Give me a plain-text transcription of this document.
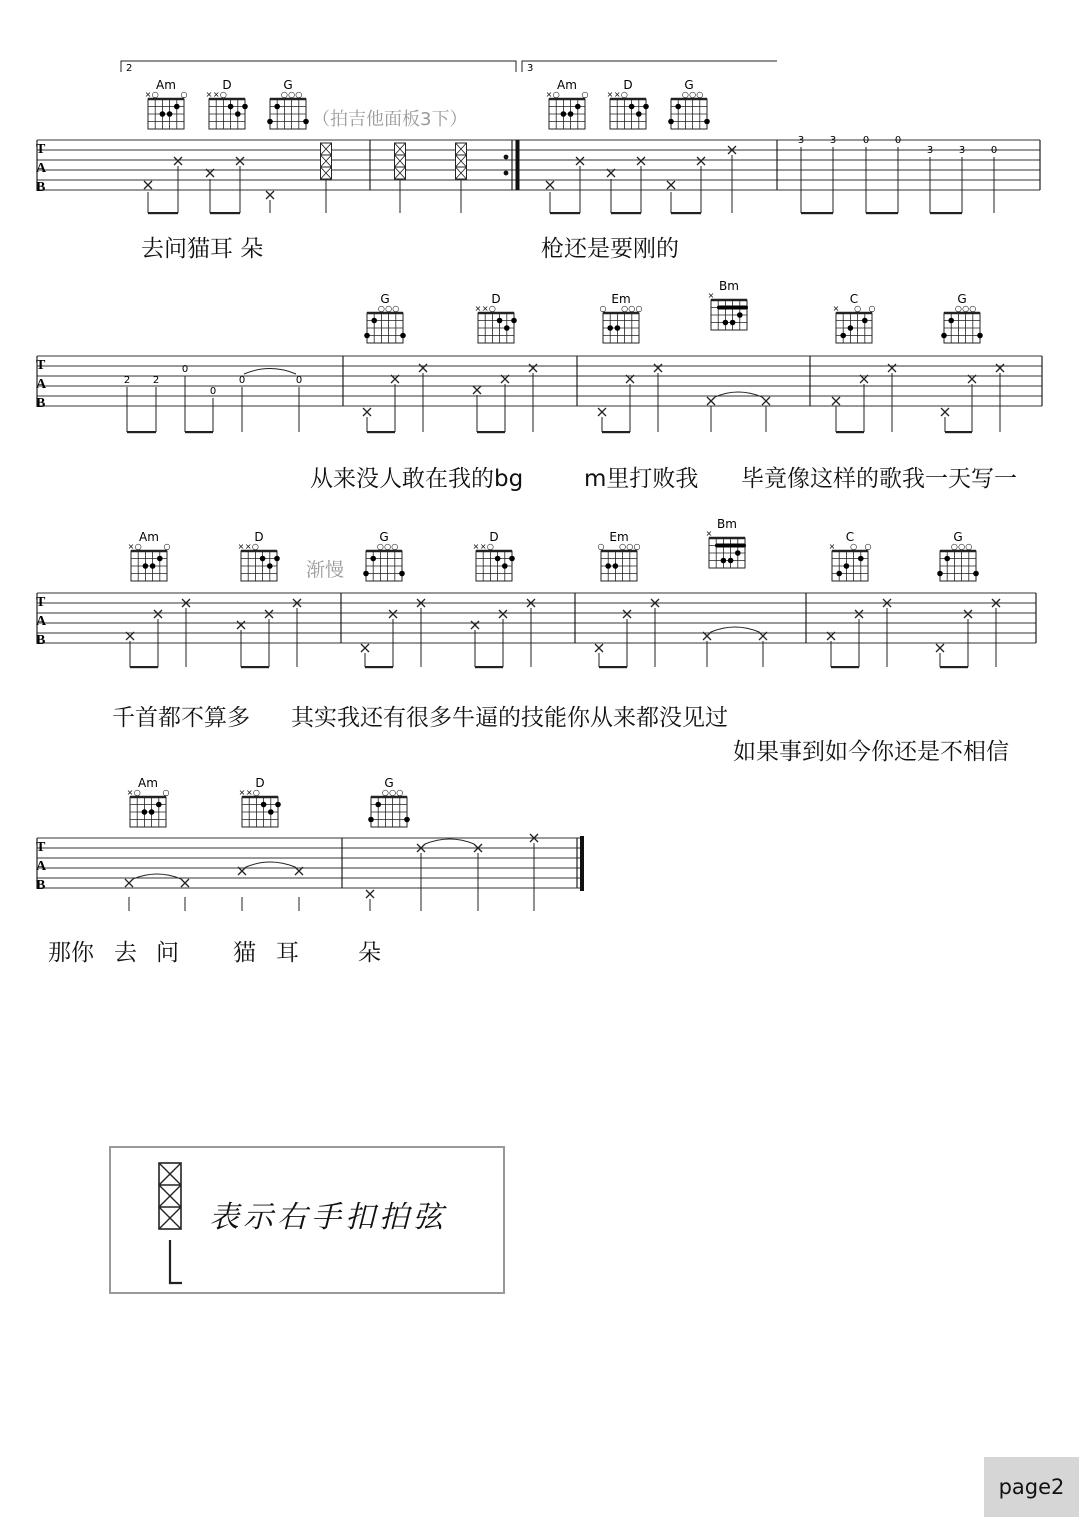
2	3
Am
× ○	○
D
× × ○
G
○ ○ ○
Am
× ○	○
D
× × ○
G
○ ○ ○
G
○ ○ ○
D
× × ○
Em
○ ○ ○ ○
Bm
×	C
× ○ ○
G
○ ○ ○
Am
× ○	○
D
× × ○
G
○ ○ ○
D
× × ○
Em
○ ○ ○ ○
Bm
×	C
× ○ ○
G
○ ○ ○
Am
× ○	○
D
× × ○
G
○ ○ ○
（拍吉他面板3下）
渐慢
T
A
B
T
A
B
T
A
B
T
A
B
3	3	0	0
3	3	0
2 2
0
0
0	0
去问猫耳 朵	枪还是要刚的
从来没人敢在我的bg	m里打败我 毕竟像这样的歌我一天写一
千首都不算多 其实我还有很多牛逼的技能你从来都没见过
如果事到如今你还是不相信
那你 去 问 猫 耳	朵
表示右手扣拍弦
page2
